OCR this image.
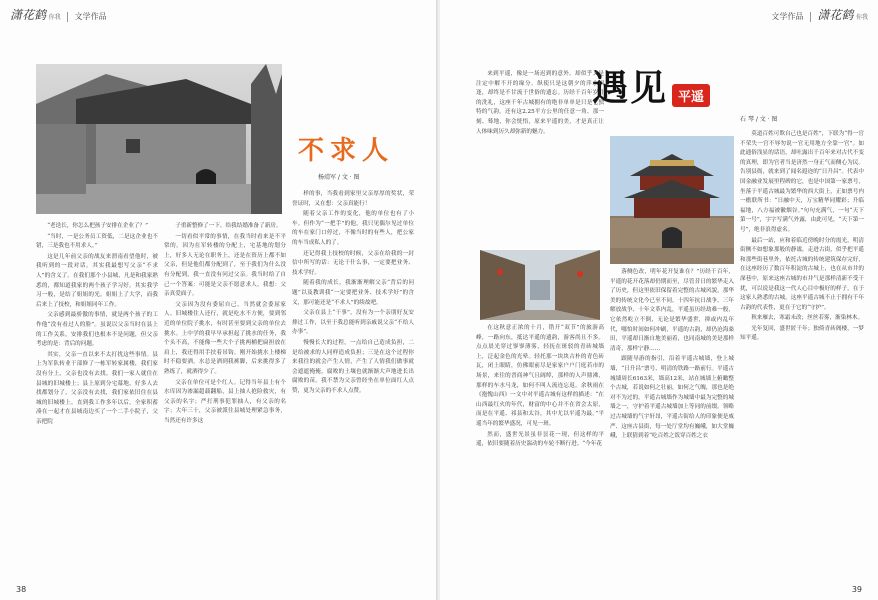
潇花鹤 你我 文学作品
不求人
杨靖军 / 文 · 图

“老迭长，你怎么把孩子安排在企业了？”

“当时，一是公务员工资低，二是这企业也不错，三是我也不用求人。”

这是几年前父亲的战友来渭南看望他时，被我听到的一段对话。其实我最想写父亲“不求人”的含义了。在我们那个小县城，凡是和我家熟悉的，都知道我家的两个孩子学习好。其实我学习一般，是结了姐姐的光。姐姐上了大学，而我后来上了技校，和姐姐同年工作。

父亲感到最骄傲的事情，就是两个孩子的工作他“没有看过人的脸”。虽说以父亲当时在县上的工作关系，安排我们也根本不是问题，但父亲考虑的是：背后的问题。

其实，父亲一直以来不太打扰这些事情。县上为军队转业干部修了一栋军转家属楼，我们家没有分上，父亲也没有去找。我们一家人就住在县城的旧城楼上；县上原到分宅幕地，好多人去找都划分了，父亲没有去找，我们家依旧住在县城的旧城楼上。直到我工作多年以后，全家积蓄凑在一起才在县城南边买了一个二手小院子，父亲把院

子重新整修了一下，给我结婚准备了新房。

一切看似平常的事情，在我当时看来是不平常的。因为在军转楼的分配上，宅基地的划分上，好多人无论在职务上，还是在资历上都不如父亲，但是他们都分配到了，至于我们为什么没有分配到，我一直没有问过父亲。我当时给了自己一个答案：可能是父亲不愿意求人，我想：父亲真爱面子。

父亲因为没有委屈自己，当然就会委屈家人。旧城楼住人还行，就是吃水不方便，要到邻近的单位院子挑水，有时甚至要到父亲的单位去挑水。上中学的我早早承担起了挑水的任务，我个头不高，不能像一些大个子挑两桶把扁担放在肩上，我还得用手扶着吊钩。刚开始挑水上楼梯时不稳要洒，水总是洒到我裤脚，后来挑得多了熟练了，就洒得少了。

父亲在单位可是个红人。记得当年县上有个水库因为渗漏超载翻船，县上抽人抢险救灾，有父亲的名字；严打刑事犯罪抽人，有父亲的名字；大年三十，父亲被派往县城处理紧急事务，当然还有许多这

样的事，当我看到家里父亲厚厚的奖状，荣誉证时，又在想：父亲真能行！

随着父亲工作的变化，他的单位也有了小车。但作为“一把手”的他，我只见偶尔见过单位的车在家门口停过，不像当时的有些人，把公家的车当成私人的了。

还记得我上技校的时候，父亲在给我的一封信中所写的话：无论干什么事，一定要把业务、技术学好。

随着我的成长，我渐渐理解父亲“背后的问题”以及教训我“一定要把业务、技术学好”的含义，那可能还是“不求人”的续故吧。

父亲在县上“干事”，没有为一个亲朋好友安排过工作，以至于我总能听到亲戚说父亲“不给人办事”。

慢慢长大的过程，一点给自己造成负担，二是给被求的人同样造成负担；三是在这个过程你来我往的就会产生人情，产生了人情我们做事就会遮遮掩掩，腐败的土壤也就渐渐大声地进长出腐败的苗。我不禁为父亲曾经坐在单位面红人点赞，更为父亲的不求人点赞。

38
文学作品 潇花鹤 你我
遇见 平遥
石 琴 / 文 · 图

来到平遥，像是一场迟到的意外。却似乎又是注定中解不开的缘分。纵使只是这朝夕的萍水相逢，却终是不甘流于世俗的遗忘。历经千百年岁月的洗礼，这座千年古城拥有的绝非单单是只是它独特的气韵，还有这2.25平方公里的任意一角、那一刻、蓦地，你会恍悟，原来平遥的美，才是真正让人体味到历久却弥新的魅力。

在这秋意正浓的十月，错开“双节”的旅游高峰，一路向东，抵达平遥的遗韵，游客尚且不多。点点晨光穿过寥寥薄雾，轻抚在斑驳的青砖城墙上，泛起金色的光晕。轻托那一块块古朴的青色砖瓦，闭上眼睛，仿佛眼前尽是家家户户门庭若市的场景，来往的晋商神气且阔绰，那样的人声鼎沸，那样的车水马龙，如何不叫人流连忘返。余秋雨在《抱愧山西》一文中对平遥古城有这样的描述：“在山西最红火的年代，财富的中心并不在省会太原，而是在平遥、祁县和太谷，其中尤以平遥为最。”平遥当年的繁华盛况，可见一斑。

然而，盛世光景虽非昙花一现，但这样的平遥，依旧要随着历史湍动的车轮不断行进。“今年花

落侧色改，明年花开复谁在？”历经千百年，平遥的花开花落却仍期而至，尽管昔日的繁华走入了历史，但这里依旧保留着完整的古城风貌，那华美的传统文化今已至不同。十四年抗日战争、三年解放战争、十年文革内乱，平遥虽历经劫难一般，它依然屹立不倒，无论是繁华盛世，抑或内乱年代，哪怕时间如何冲刷，平遥的古韵，却仍沧海桑田，平遥却日渐自地美丽着，也同南城的美是那样清奇，那样宁静……

跟随导游的指引，沿着平遥古城墙，登上城墙，“日升昌”票号、明清的铁路一路前行。平遥古城墙周长6163米，墙高12米，站在城墙上俯瞰整个古城，若说如何之壮丽，如何之气魄，那也是绝对不为过的。平遥古城墙作为城墙中最为完整的城墙之一，守护着平遥古城墙加上等同的前缀。领略过古城墙的气宇轩昂，平遥古街给人的印象便是威严、这座古县街，每一处厅堂均有巍峨，如大堂巍峨，上联猜到着“吃百姓之饭穿百姓之衣

莫道百姓可欺自己也是百姓”，下联为“得一官不荣失一官不辱勿说一官无用地方全靠一官”。如此通俗浅显的话语，却吐露出千百年来对古代不变的真理，即为官者当是济然一身正气而侧心为民。告别县衙，就来到了闻名遐迩的“日升昌”。代表中国金融业发展里程碑的它，也是中国第一家票号，坐落于平遥古城最为繁华的西大街上，正如票号内一檐联所书：“日融中天，万宝精华同耀彩；升临福地，八方福被徽烟谷。”句句充满气，一句“天下第一号”，字字写满气外露，由此可见，“天下第一号”，绝非浪得虚名。

最后一站，应和着临近傍晚时分的霞光，明清街侧不如想象那般的静谧，走进古街，似乎把平遥和那些街巷里外，依托古城的传统建筑保存完好，在这座经历了数百年积淀的古城上，也在从市井的深巷中，原来这座古城的市井气是那样清新不受干扰，可以说是我这一代人心目中极好的样子，在于这家人熟悉的古城，这座平遥古城不止于拥有千年古韵的代表性，更在于它的“守护”。

秋来雁去，寒霜未改；丝丝若雾，渐染林木。

光年复回，盛世匿千年；独倚青砖阁楼，一梦知平遥。

39
